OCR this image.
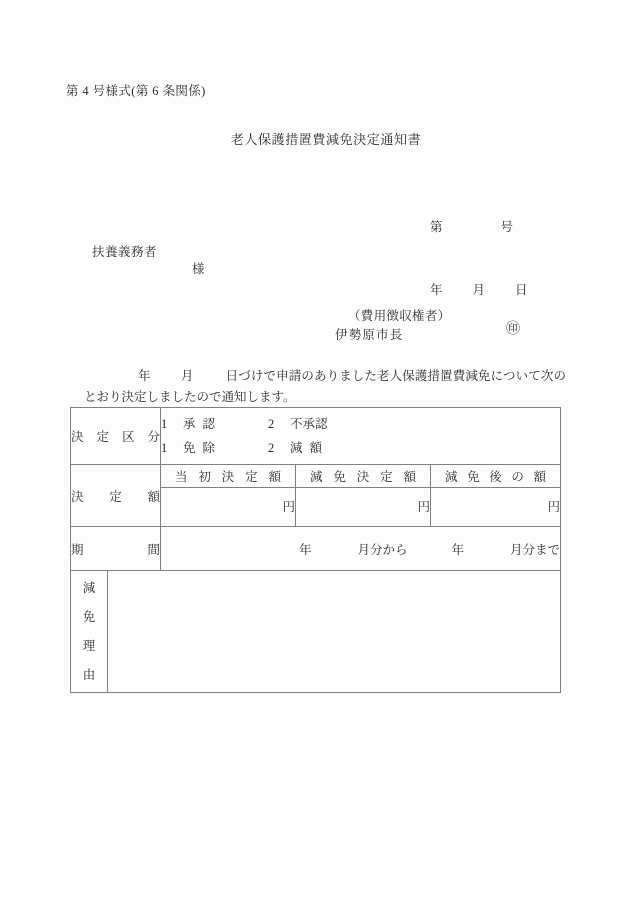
第 4 号様式(第 6 条関係)
老人保護措置費減免決定通知書

第	号

年 月 日

扶養義務者
様
（費用徴収権者）
伊勢原市長	㊞
年 月	日づけで申請のありました老人保護措置費減免について次のとおり決定しましたので通知します。
決 定 区 分		1 承認 2 不承認
1 免除 2 減額		

決 定 額		当 初 決 定 額	減 免 決 定 額	減 免 後 の 額

		円	円	円

期 間		年 月分から 年 月分まで		

減
免
理
由				
